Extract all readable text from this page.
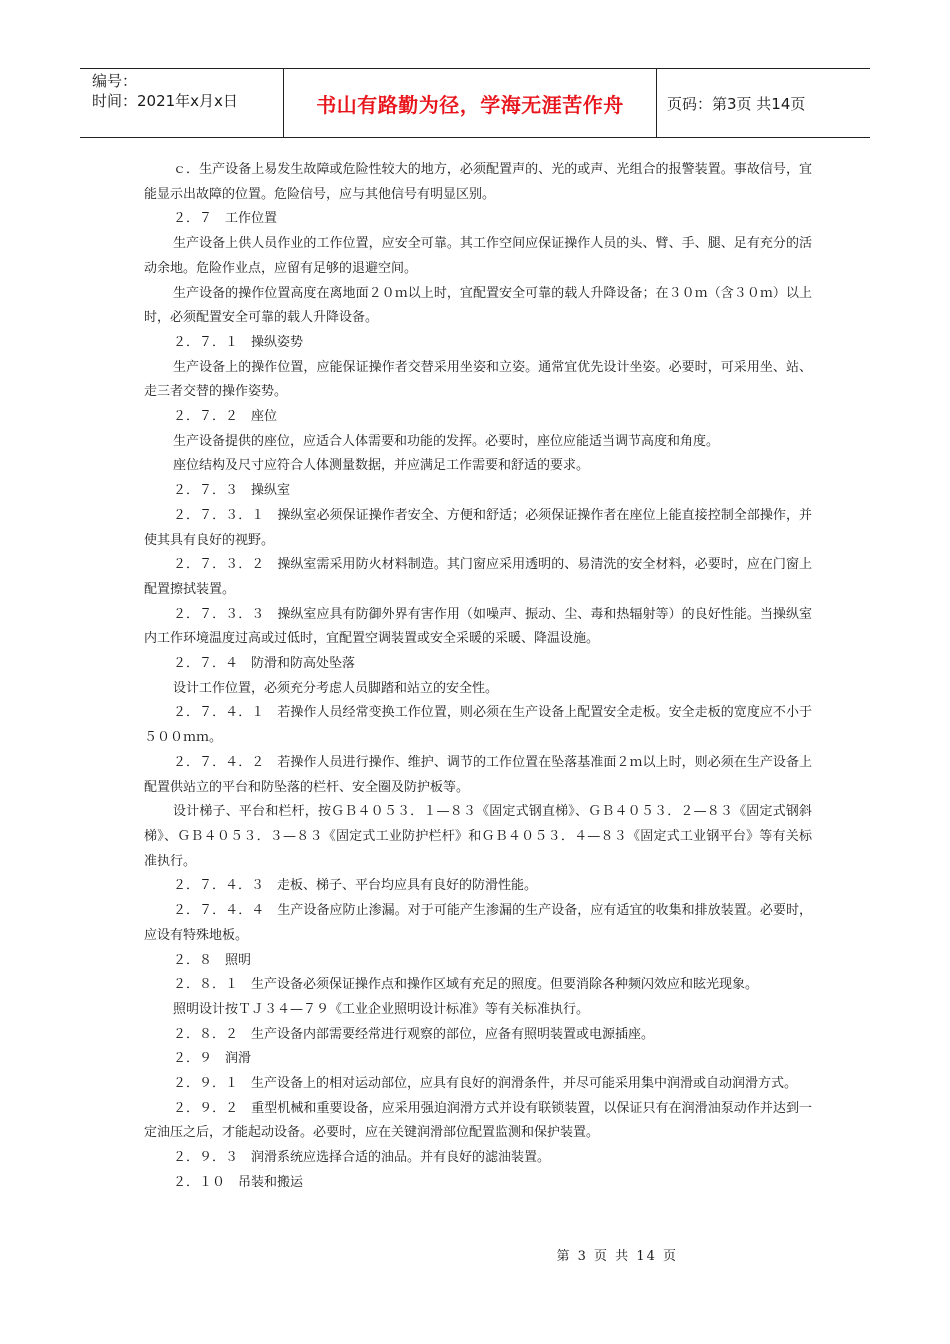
编号：
时间：2021年x月x日	书山有路勤为径，学海无涯苦作舟	页码：第3页 共14页

ｃ．生产设备上易发生故障或危险性较大的地方，必须配置声的、光的或声、光组合的报警装置。事故信号，宜能显示出故障的位置。危险信号，应与其他信号有明显区别。

２．７　工作位置

生产设备上供人员作业的工作位置，应安全可靠。其工作空间应保证操作人员的头、臂、手、腿、足有充分的活动余地。危险作业点，应留有足够的退避空间。

生产设备的操作位置高度在离地面２０ｍ以上时，宜配置安全可靠的载人升降设备；在３０ｍ（含３０ｍ）以上时，必须配置安全可靠的载人升降设备。

２．７．１　操纵姿势

生产设备上的操作位置，应能保证操作者交替采用坐姿和立姿。通常宜优先设计坐姿。必要时，可采用坐、站、走三者交替的操作姿势。

２．７．２　座位

生产设备提供的座位，应适合人体需要和功能的发挥。必要时，座位应能适当调节高度和角度。

座位结构及尺寸应符合人体测量数据，并应满足工作需要和舒适的要求。

２．７．３　操纵室

２．７．３．１　操纵室必须保证操作者安全、方便和舒适；必须保证操作者在座位上能直接控制全部操作，并使其具有良好的视野。

２．７．３．２　操纵室需采用防火材料制造。其门窗应采用透明的、易清洗的安全材料，必要时，应在门窗上配置擦拭装置。

２．７．３．３　操纵室应具有防御外界有害作用（如噪声、振动、尘、毒和热辐射等）的良好性能。当操纵室内工作环境温度过高或过低时，宜配置空调装置或安全采暖的采暖、降温设施。

２．７．４　防滑和防高处坠落

设计工作位置，必须充分考虑人员脚踏和站立的安全性。

２．７．４．１　若操作人员经常变换工作位置，则必须在生产设备上配置安全走板。安全走板的宽度应不小于５００ｍｍ。

２．７．４．２　若操作人员进行操作、维护、调节的工作位置在坠落基准面２ｍ以上时，则必须在生产设备上配置供站立的平台和防坠落的栏杆、安全圈及防护板等。

设计梯子、平台和栏杆，按ＧＢ４０５３．１—８３《固定式钢直梯》、ＧＢ４０５３．２—８３《固定式钢斜梯》、ＧＢ４０５３．３—８３《固定式工业防护栏杆》和ＧＢ４０５３．４—８３《固定式工业钢平台》等有关标准执行。

２．７．４．３　走板、梯子、平台均应具有良好的防滑性能。

２．７．４．４　生产设备应防止渗漏。对于可能产生渗漏的生产设备，应有适宜的收集和排放装置。必要时，应设有特殊地板。

２．８　照明

２．８．１　生产设备必须保证操作点和操作区域有充足的照度。但要消除各种频闪效应和眩光现象。

照明设计按ＴＪ３４—７９《工业企业照明设计标准》等有关标准执行。

２．８．２　生产设备内部需要经常进行观察的部位，应备有照明装置或电源插座。

２．９　润滑

２．９．１　生产设备上的相对运动部位，应具有良好的润滑条件，并尽可能采用集中润滑或自动润滑方式。

２．９．２　重型机械和重要设备，应采用强迫润滑方式并设有联锁装置，以保证只有在润滑油泵动作并达到一定油压之后，才能起动设备。必要时，应在关键润滑部位配置监测和保护装置。

２．９．３　润滑系统应选择合适的油品。并有良好的滤油装置。

２．１０　吊装和搬运

第 3 页 共 14 页
